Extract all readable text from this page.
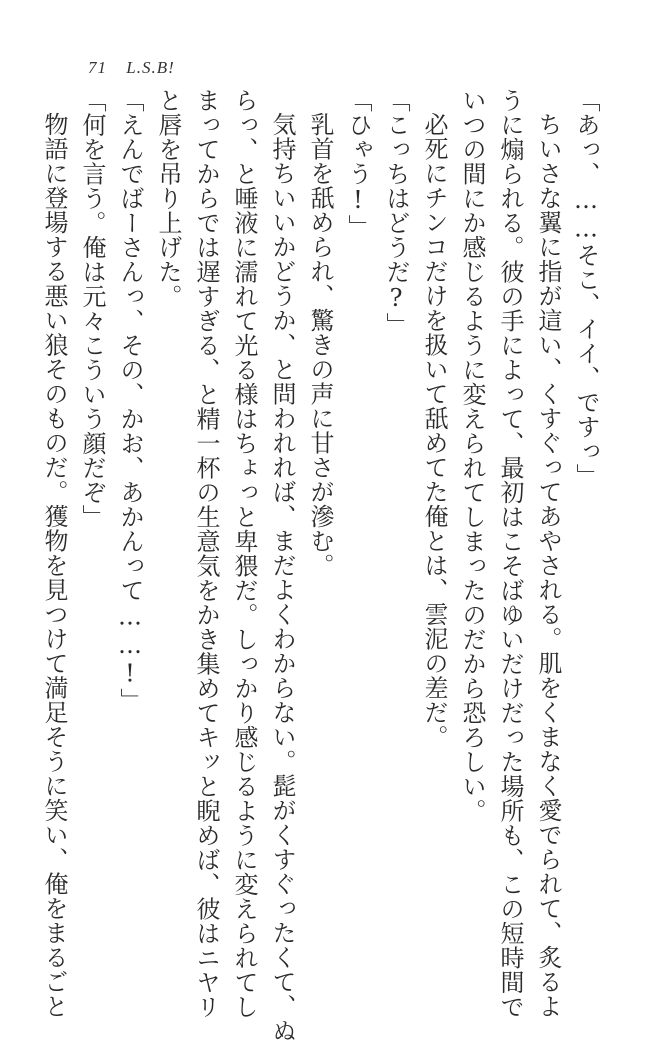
71 L.S.B!

「あっ、……そこ、イイ、ですっ」

ちいさな翼に指が這い、くすぐってあやされる。肌をくまなく愛でられて、炙るよ

うに煽られる。彼の手によって、最初はこそばゆいだけだった場所も、この短時間で

いつの間にか感じるように変えられてしまったのだから恐ろしい。

必死にチンコだけを扱いて舐めてた俺とは、雲泥の差だ。

「こっちはどうだ?」

「ひゃう!」

乳首を舐められ、驚きの声に甘さが滲む。

気持ちいいかどうか、と問われれば、まだよくわからない。髭がくすぐったくて、ぬ

らっ、と唾液に濡れて光る様はちょっと卑猥だ。しっかり感じるように変えられてし

まってからでは遅すぎる、と精一杯の生意気をかき集めてキッと睨めば、彼はニヤリ

と唇を吊り上げた。

「えんでばーさんっ、その、かお、あかんって……!」

「何を言う。俺は元々こういう顔だぞ」

物語に登場する悪い狼そのものだ。獲物を見つけて満足そうに笑い、俺をまるごと
